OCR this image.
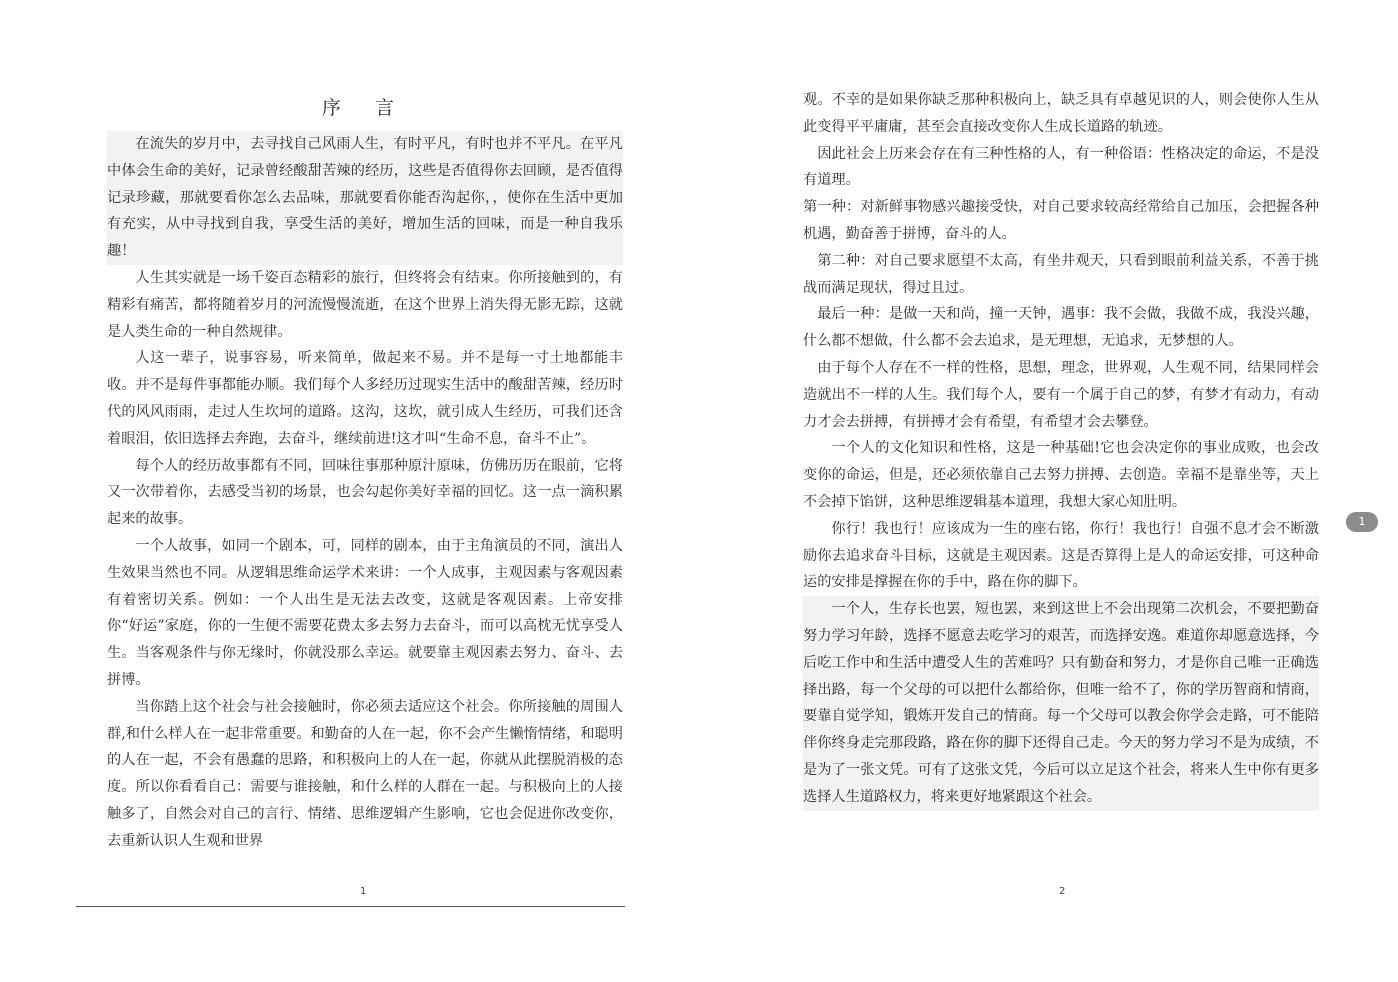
序 言

在流失的岁月中，去寻找自己风雨人生，有时平凡，有时也并不平凡。在平凡中体会生命的美好，记录曾经酸甜苦辣的经历，这些是否值得你去回顾，是否值得记录珍藏，那就要看你怎么去品味，那就要看你能否沟起你，，使你在生活中更加有充实，从中寻找到自我，享受生活的美好，增加生活的回味，而是一种自我乐趣！

人生其实就是一场千姿百态精彩的旅行，但终将会有结束。你所接触到的，有精彩有痛苦，都将随着岁月的河流慢慢流逝，在这个世界上消失得无影无踪，这就是人类生命的一种自然规律。

人这一辈子，说事容易，听来简单，做起来不易。并不是每一寸土地都能丰收。并不是每件事都能办顺。我们每个人多经历过现实生活中的酸甜苦辣，经历时代的风风雨雨，走过人生坎坷的道路。这沟，这坎，就引成人生经历，可我们还含着眼泪，依旧选择去奔跑，去奋斗，继续前进!这才叫“生命不息，奋斗不止”。

每个人的经历故事都有不同，回味往事那种原汁原味，仿佛历历在眼前，它将又一次带着你，去感受当初的场景，也会勾起你美好幸福的回忆。这一点一滴积累起来的故事。

一个人故事，如同一个剧本，可，同样的剧本，由于主角演员的不同，演出人生效果当然也不同。从逻辑思维命运学术来讲：一个人成事，主观因素与客观因素有着密切关系。例如：一个人出生是无法去改变，这就是客观因素。上帝安排你“好运”家庭，你的一生便不需要花费太多去努力去奋斗，而可以高枕无忧享受人生。当客观条件与你无缘时，你就没那么幸运。就要靠主观因素去努力、奋斗、去拼博。

当你踏上这个社会与社会接触时，你必须去适应这个社会。你所接触的周围人群,和什么样人在一起非常重要。和勤奋的人在一起，你不会产生懒惰情绪，和聪明的人在一起，不会有愚蠢的思路，和积极向上的人在一起，你就从此摆脱消极的态度。所以你看看自己：需要与谁接触，和什么样的人群在一起。与积极向上的人接触多了，自然会对自己的言行、情绪、思维逻辑产生影响，它也会促进你改变你，去重新认识人生观和世界

1

观。不幸的是如果你缺乏那种积极向上，缺乏具有卓越见识的人，则会使你人生从此变得平平庸庸，甚至会直接改变你人生成长道路的轨迹。

因此社会上历来会存在有三种性格的人，有一种俗语：性格决定的命运，不是没有道理。

第一种：对新鲜事物感兴趣接受快，对自己要求较高经常给自己加压，会把握各种机遇，勤奋善于拼博，奋斗的人。

第二种：对自己要求愿望不太高，有坐井观天，只看到眼前利益关系，不善于挑战而满足现状，得过且过。

最后一种：是做一天和尚，撞一天钟，遇事：我不会做，我做不成，我没兴趣，什么都不想做，什么都不会去追求，是无理想，无追求，无梦想的人。

由于每个人存在不一样的性格，思想，理念，世界观，人生观不同，结果同样会造就出不一样的人生。我们每个人，要有一个属于自己的梦，有梦才有动力，有动力才会去拼搏，有拼搏才会有希望，有希望才会去攀登。

一个人的文化知识和性格，这是一种基础!它也会决定你的事业成败，也会改变你的命运，但是，还必须依靠自己去努力拼搏、去创造。幸福不是靠坐等，天上不会掉下馅饼，这种思维逻辑基本道理，我想大家心知肚明。

你行！我也行！应该成为一生的座右铭，你行！我也行！自强不息才会不断激励你去追求奋斗目标，这就是主观因素。这是否算得上是人的命运安排，可这种命运的安排是撑握在你的手中，路在你的脚下。

一个人，生存长也罢，短也罢，来到这世上不会出现第二次机会，不要把勤奋努力学习年龄，选择不愿意去吃学习的艰苦，而选择安逸。难道你却愿意选择，今后吃工作中和生活中遭受人生的苦难吗？只有勤奋和努力，才是你自己唯一正确选择出路，每一个父母的可以把什么都给你，但唯一给不了，你的学历智商和情商，要靠自觉学知，锻炼开发自己的情商。每一个父母可以教会你学会走路，可不能陪伴你终身走完那段路，路在你的脚下还得自己走。今天的努力学习不是为成绩，不是为了一张文凭。可有了这张文凭，今后可以立足这个社会，将来人生中你有更多选择人生道路权力，将来更好地紧跟这个社会。

2
1
